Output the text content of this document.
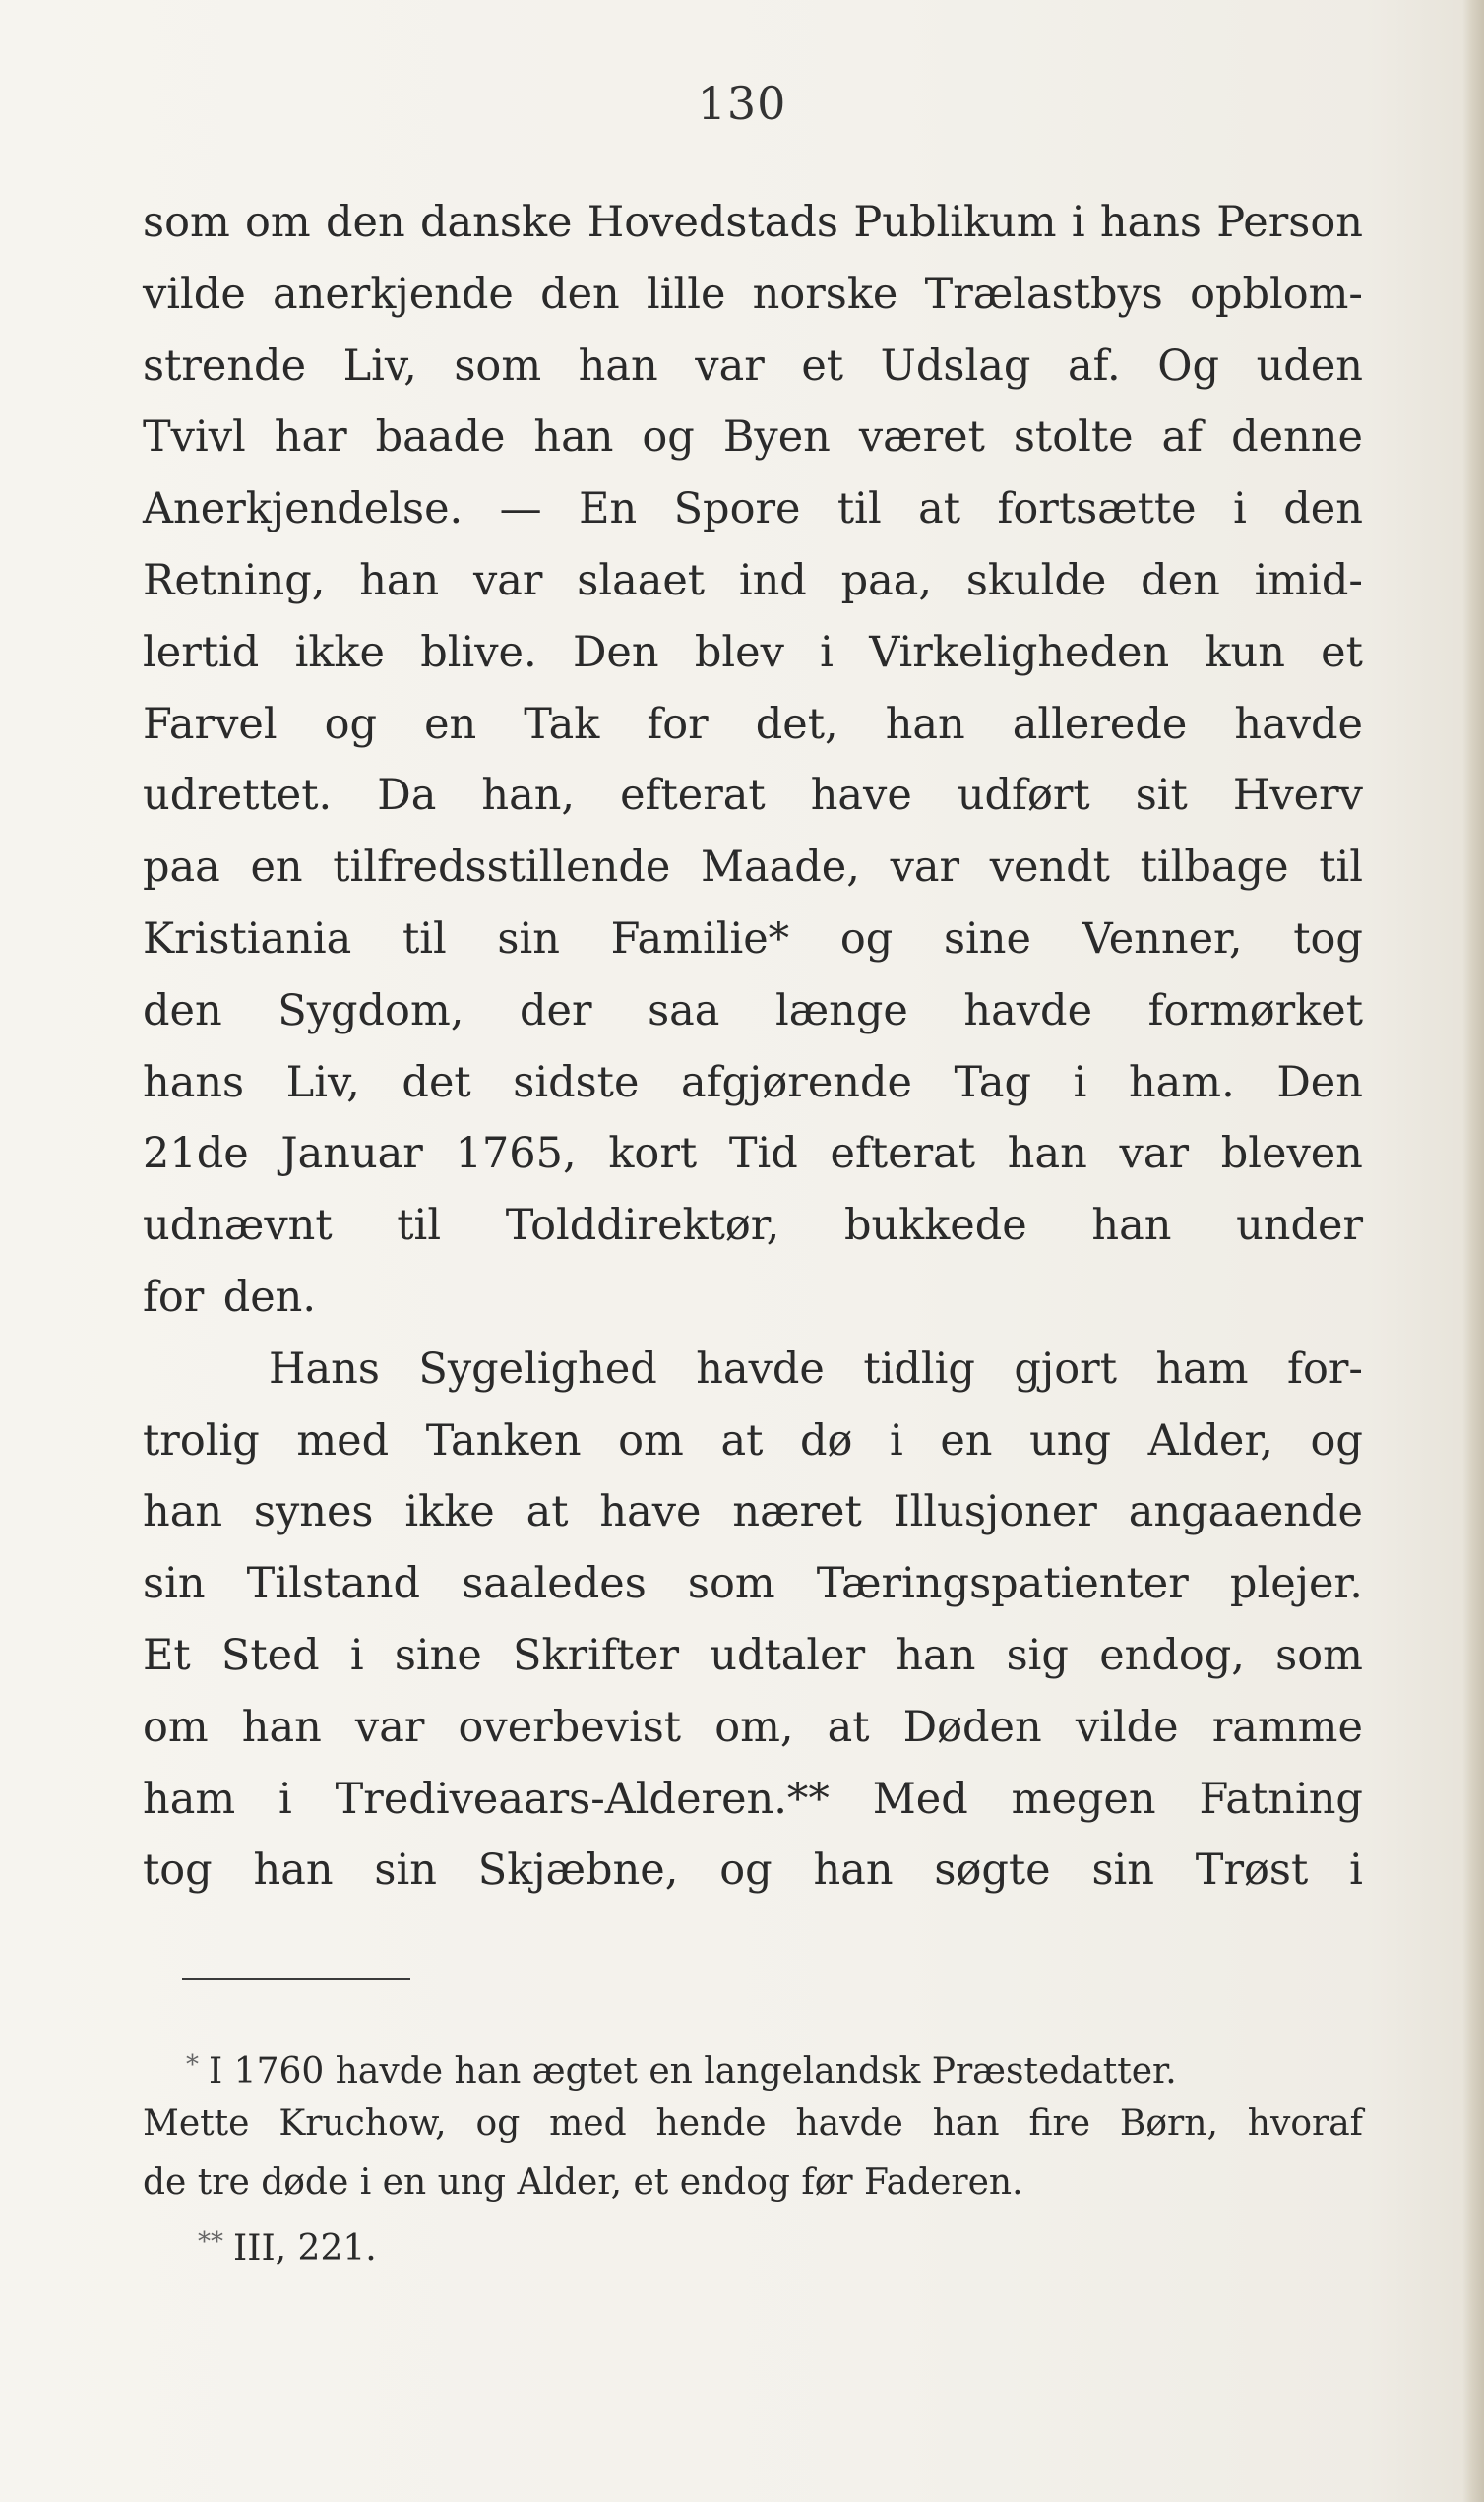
130
som om den danske Hovedstads Publikum i hans Person
vilde anerkjende den lille norske Trælastbys opblom-
strende Liv, som han var et Udslag af. Og uden
Tvivl har baade han og Byen været stolte af denne
Anerkjendelse. — En Spore til at fortsætte i den
Retning, han var slaaet ind paa, skulde den imid-
lertid ikke blive. Den blev i Virkeligheden kun et
Farvel og en Tak for det, han allerede havde
udrettet. Da han, efterat have udført sit Hverv
paa en tilfredsstillende Maade, var vendt tilbage til
Kristiania til sin Familie* og sine Venner, tog
den Sygdom, der saa længe havde formørket
hans Liv, det sidste afgjørende Tag i ham. Den
21de Januar 1765, kort Tid efterat han var bleven
udnævnt til Tolddirektør, bukkede han under
for den.
Hans Sygelighed havde tidlig gjort ham for-
trolig med Tanken om at dø i en ung Alder, og
han synes ikke at have næret Illusjoner angaaende
sin Tilstand saaledes som Tæringspatienter plejer.
Et Sted i sine Skrifter udtaler han sig endog, som
om han var overbevist om, at Døden vilde ramme
ham i Trediveaars-Alderen.** Med megen Fatning
tog han sin Skjæbne, og han søgte sin Trøst i
* I 1760 havde han ægtet en langelandsk Præstedatter.
Mette Kruchow, og med hende havde han fire Børn, hvoraf
de tre døde i en ung Alder, et endog før Faderen.
** III, 221.
